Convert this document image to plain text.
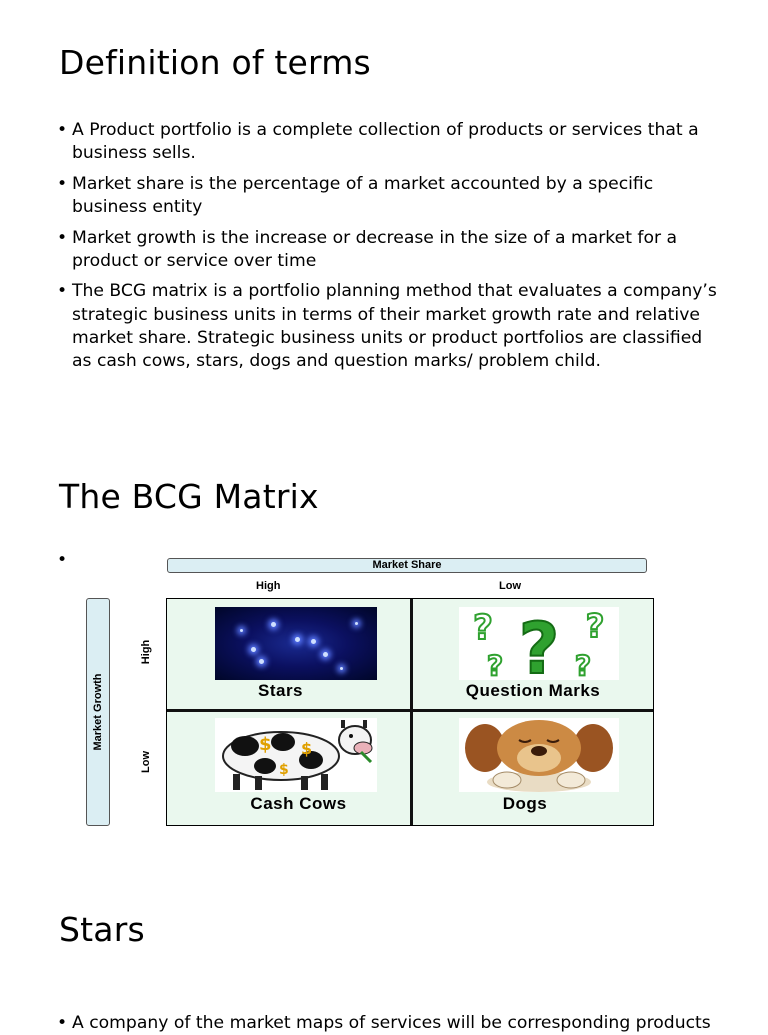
Definition of terms
• A Product portfolio is a complete collection of products or services that a business sells.
• Market share is the percentage of a market accounted by a specific business entity
• Market growth is the increase or decrease in the size of a market for a product or service over time
• The BCG matrix is a portfolio planning method that evaluates a company’s strategic business units in terms of their market growth rate and relative market share. Strategic business units or product portfolios are classified as cash cows, stars, dogs and question marks/ problem child.
The BCG Matrix
•	Market Share
High	Low
Market Growth
High
Low
Stars	Question Marks
Cash Cows	Dogs
?	?
?	?
?
$ $
$
Stars
• A company of the market maps of services will be corresponding products
